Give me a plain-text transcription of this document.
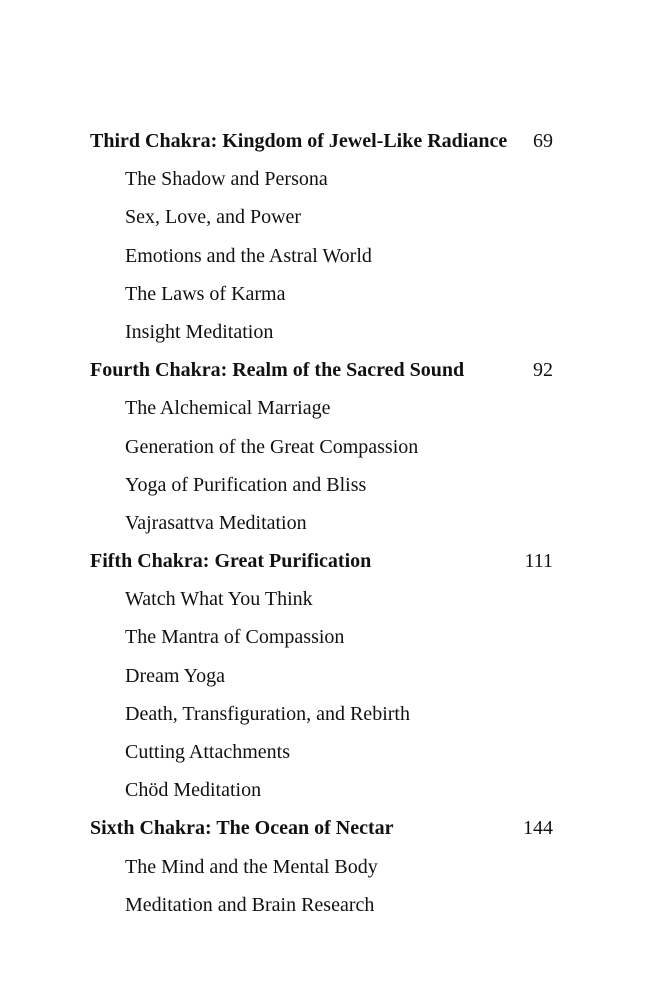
Third Chakra: Kingdom of Jewel-Like Radiance	69
The Shadow and Persona
Sex, Love, and Power
Emotions and the Astral World
The Laws of Karma
Insight Meditation
Fourth Chakra: Realm of the Sacred Sound	92
The Alchemical Marriage
Generation of the Great Compassion
Yoga of Purification and Bliss
Vajrasattva Meditation
Fifth Chakra: Great Purification	111
Watch What You Think
The Mantra of Compassion
Dream Yoga
Death, Transfiguration, and Rebirth
Cutting Attachments
Chöd Meditation
Sixth Chakra: The Ocean of Nectar	144
The Mind and the Mental Body
Meditation and Brain Research
